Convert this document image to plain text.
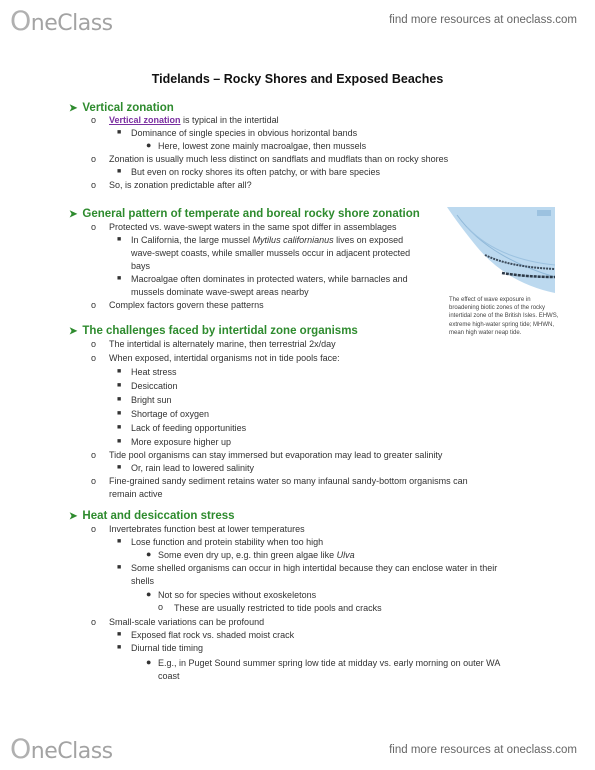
OneClass	find more resources at oneclass.com
Tidelands – Rocky Shores and Exposed Beaches
➤ Vertical zonation
o Vertical zonation is typical in the intertidal
■ Dominance of single species in obvious horizontal bands
● Here, lowest zone mainly macroalgae, then mussels
o Zonation is usually much less distinct on sandflats and mudflats than on rocky shores
■ But even on rocky shores its often patchy, or with bare species
o So, is zonation predictable after all?
➤ General pattern of temperate and boreal rocky shore zonation
o Protected vs. wave-swept waters in the same spot differ in assemblages
■ In California, the large mussel Mytilus californianus lives on exposed
wave-swept coasts, while smaller mussels occur in adjacent protected
bays
■ Macroalgae often dominates in protected waters, while barnacles and
mussels dominate wave-swept areas nearby
o Complex factors govern these patterns	The effect of wave exposure in broadening biotic zones of the rocky intertidal zone of the British Isles. EHWS, extreme high-water spring tide; MHWN, mean high water neap tide.
➤ The challenges faced by intertidal zone organisms
o The intertidal is alternately marine, then terrestrial 2x/day
o When exposed, intertidal organisms not in tide pools face:
■ Heat stress
■ Desiccation
■ Bright sun
■ Shortage of oxygen
■ Lack of feeding opportunities
■ More exposure higher up
o Tide pool organisms can stay immersed but evaporation may lead to greater salinity
■ Or, rain lead to lowered salinity
o Fine-grained sandy sediment retains water so many infaunal sandy-bottom organisms can
remain active
➤ Heat and desiccation stress
o Invertebrates function best at lower temperatures
■ Lose function and protein stability when too high
● Some even dry up, e.g. thin green algae like Ulva
■ Some shelled organisms can occur in high intertidal because they can enclose water in their
shells
● Not so for species without exoskeletons
o These are usually restricted to tide pools and cracks
o Small-scale variations can be profound
■ Exposed flat rock vs. shaded moist crack
■ Diurnal tide timing
● E.g., in Puget Sound summer spring low tide at midday vs. early morning on outer WA
coast
OneClass	find more resources at oneclass.com
